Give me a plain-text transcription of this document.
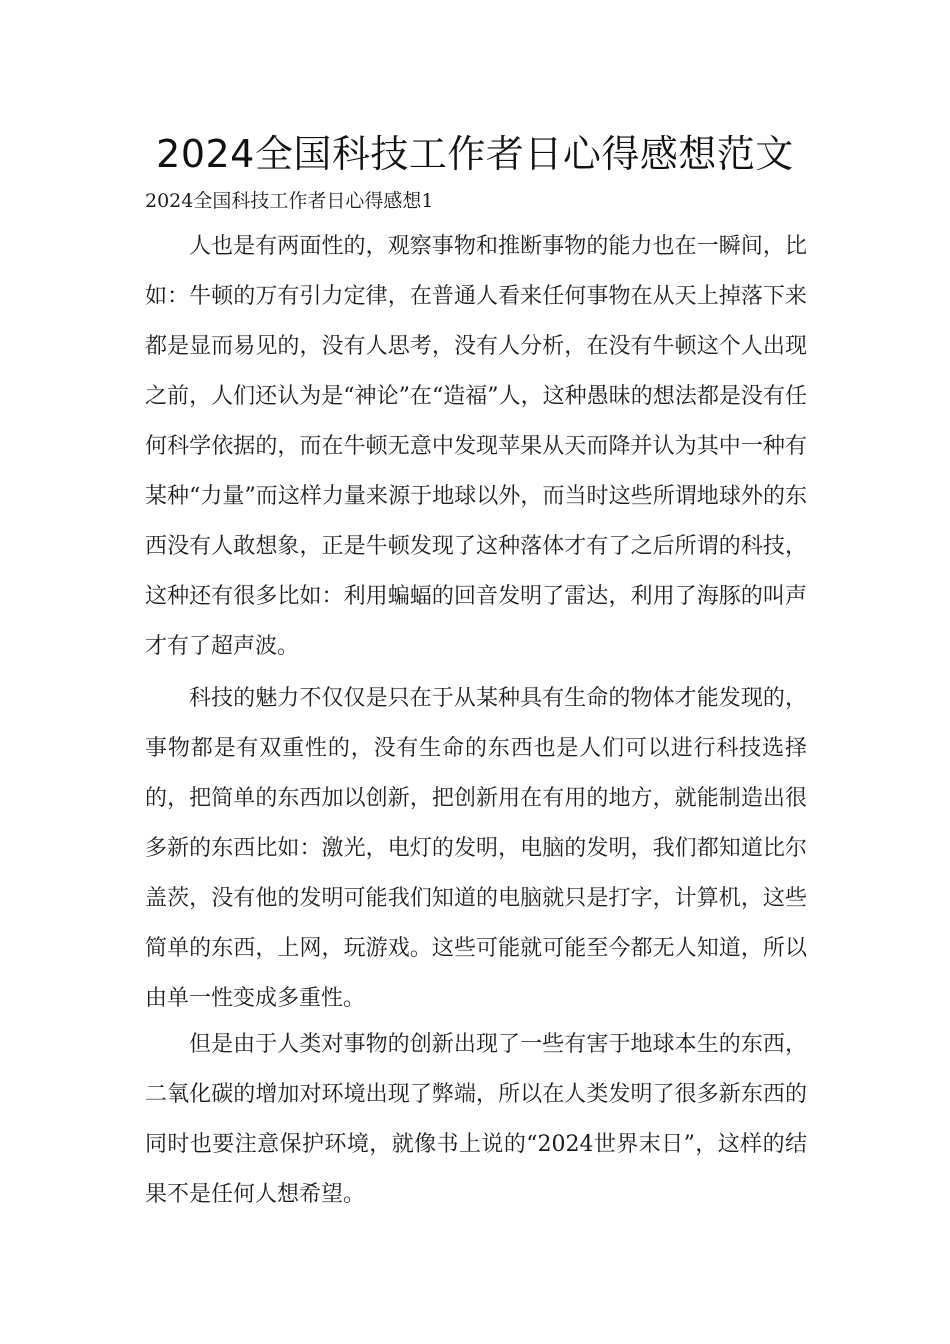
2024全国科技工作者日心得感想范文

2024全国科技工作者日心得感想1

人也是有两面性的，观察事物和推断事物的能力也在一瞬间，比如：牛顿的万有引力定律，在普通人看来任何事物在从天上掉落下来都是显而易见的，没有人思考，没有人分析，在没有牛顿这个人出现之前，人们还认为是“神论”在“造福”人，这种愚昧的想法都是没有任何科学依据的，而在牛顿无意中发现苹果从天而降并认为其中一种有某种“力量”而这样力量来源于地球以外，而当时这些所谓地球外的东西没有人敢想象，正是牛顿发现了这种落体才有了之后所谓的科技，这种还有很多比如：利用蝙蝠的回音发明了雷达，利用了海豚的叫声才有了超声波。

科技的魅力不仅仅是只在于从某种具有生命的物体才能发现的，事物都是有双重性的，没有生命的东西也是人们可以进行科技选择的，把简单的东西加以创新，把创新用在有用的地方，就能制造出很多新的东西比如：激光，电灯的发明，电脑的发明，我们都知道比尔盖茨，没有他的发明可能我们知道的电脑就只是打字，计算机，这些简单的东西，上网，玩游戏。这些可能就可能至今都无人知道，所以由单一性变成多重性。

但是由于人类对事物的创新出现了一些有害于地球本生的东西，二氧化碳的增加对环境出现了弊端，所以在人类发明了很多新东西的同时也要注意保护环境，就像书上说的“2024世界末日”，这样的结果不是任何人想希望。
